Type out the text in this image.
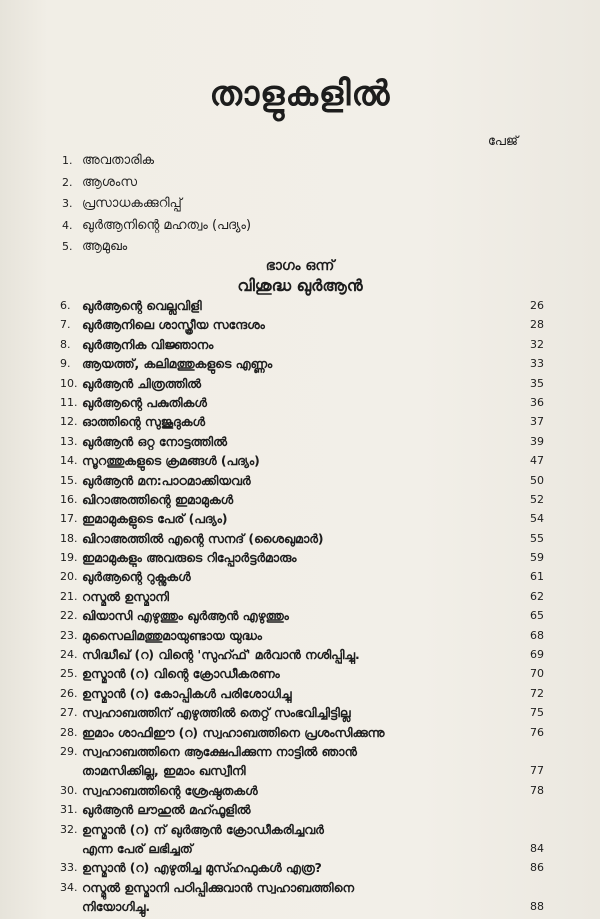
താളുകളിൽ
പേജ്
1. അവതാരിക
2. ആശംസ
3. പ്രസാധകക്കുറിപ്പ്
4. ഖുർആനിന്റെ മഹത്വം (പദ്യം)
5. ആമുഖം
ഭാഗം ഒന്ന്
വിശുദ്ധ ഖുർആൻ
6. ഖുർആന്റെ വെല്ലുവിളി	26
7. ഖുർആനിലെ ശാസ്ത്രീയ സന്ദേശം	28
8. ഖുർആനിക വിജ്ഞാനം	32
9. ആയത്ത്, കലിമത്തുകളുടെ എണ്ണം	33
10. ഖുർആൻ ചിത്രത്തിൽ	35
11. ഖുർആന്റെ പകുതികൾ	36
12. ഓത്തിന്റെ സുജൂദുകൾ	37
13. ഖുർആൻ ഒറ്റ നോട്ടത്തിൽ	39
14. സൂറത്തുകളുടെ ക്രമങ്ങൾ (പദ്യം)	47
15. ഖുർആൻ മന:പാഠമാക്കിയവർ	50
16. ഖിറാഅത്തിന്റെ ഇമാമുകൾ	52
17. ഇമാമുകളുടെ പേര് (പദ്യം)	54
18. ഖിറാഅത്തിൽ എന്റെ സനദ് (ശൈഖുമാർ)	55
19. ഇമാമുകളും അവരുടെ റിപ്പോർട്ടർമാരും	59
20. ഖുർആന്റെ റുക്നുകൾ	61
21. റസ്മുൽ ഉസ്മാനി	62
22. ഖിയാസി എഴുത്തും ഖുർആൻ എഴുത്തും	65
23. മുസൈലിമത്തുമായുണ്ടായ യുദ്ധം	68
24. സിദ്ധീഖ് (റ) വിന്റെ 'സുഹ്ഫ്' മർവാൻ നശിപ്പിച്ചു.	69
25. ഉസ്മാൻ (റ) വിന്റെ ക്രോഡീകരണം	70
26. ഉസ്മാൻ (റ) കോപ്പികൾ പരിശോധിച്ചു	72
27. സ്വഹാബത്തിന് എഴുത്തിൽ തെറ്റ് സംഭവിച്ചിട്ടില്ല	75
28. ഇമാം ശാഫിഈ (റ) സ്വഹാബത്തിനെ പ്രശംസിക്കുന്നു	76
29. സ്വഹാബത്തിനെ ആക്ഷേപിക്കുന്ന നാട്ടിൽ ഞാൻ
താമസിക്കില്ല, ഇമാം ഖസ്വീനി	77
30. സ്വഹാബത്തിന്റെ ശ്രേഷ്ഠതകൾ	78
31. ഖുർആൻ ലൗഹുൽ മഹ്ഫൂളിൽ
32. ഉസ്മാൻ (റ) ന് ഖുർആൻ ക്രോഡീകരിച്ചവർ
എന്ന പേര് ലഭിച്ചത്	84
33. ഉസ്മാൻ (റ) എഴുതിച്ച മുസ്ഹഫുകൾ എത്ര?	86
34. റസ്മുൽ ഉസ്മാനി പഠിപ്പിക്കുവാൻ സ്വഹാബത്തിനെ
നിയോഗിച്ചു.	88
